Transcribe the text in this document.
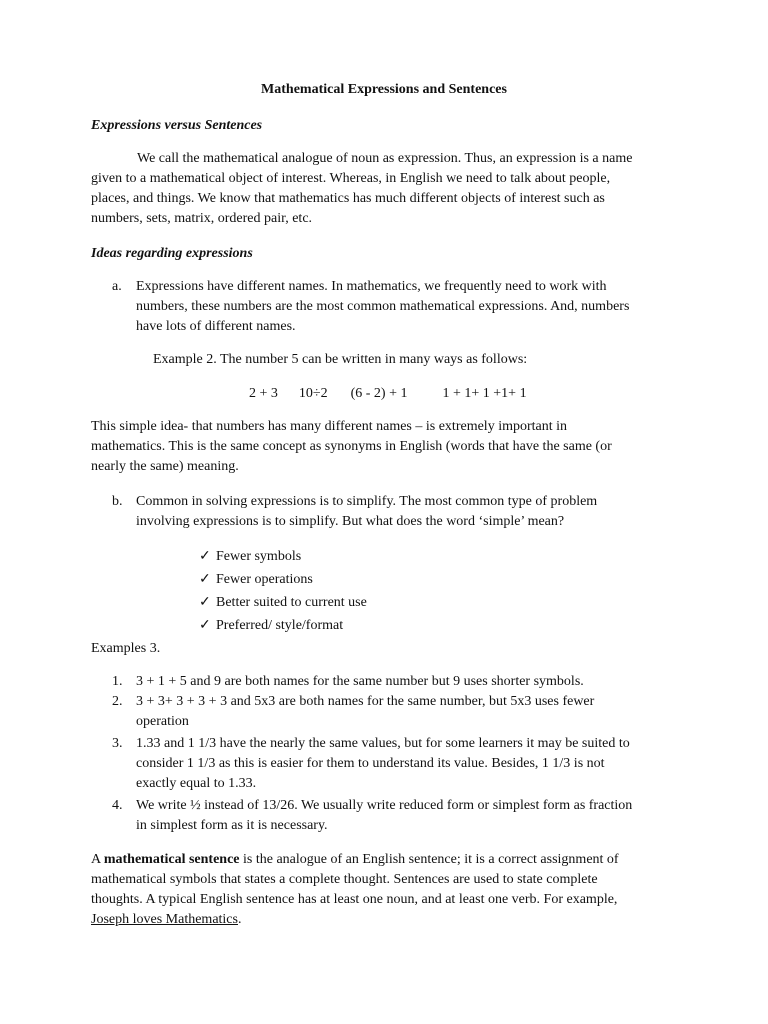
Mathematical Expressions and Sentences
Expressions versus Sentences
We call the mathematical analogue of noun as expression. Thus, an expression is a name
given to a mathematical object of interest. Whereas, in English we need to talk about people,
places, and things. We know that mathematics has much different objects of interest such as
numbers, sets, matrix, ordered pair, etc.
Ideas regarding expressions
a. Expressions have different names. In mathematics, we frequently need to work with
numbers, these numbers are the most common mathematical expressions. And, numbers
have lots of different names.
Example 2. The number 5 can be written in many ways as follows:
2 + 3 10÷2 (6 - 2) + 1	1 + 1+ 1 +1+ 1
This simple idea- that numbers has many different names – is extremely important in
mathematics. This is the same concept as synonyms in English (words that have the same (or
nearly the same) meaning.
b. Common in solving expressions is to simplify. The most common type of problem
involving expressions is to simplify. But what does the word ‘simple’ mean?
✓ Fewer symbols
✓ Fewer operations
✓ Better suited to current use
✓ Preferred/ style/format
Examples 3.
1. 3 + 1 + 5 and 9 are both names for the same number but 9 uses shorter symbols.
2. 3 + 3+ 3 + 3 + 3 and 5x3 are both names for the same number, but 5x3 uses fewer
operation
3. 1.33 and 1 1/3 have the nearly the same values, but for some learners it may be suited to
consider 1 1/3 as this is easier for them to understand its value. Besides, 1 1/3 is not
exactly equal to 1.33.
4. We write ½ instead of 13/26. We usually write reduced form or simplest form as fraction
in simplest form as it is necessary.
A mathematical sentence is the analogue of an English sentence; it is a correct assignment of
mathematical symbols that states a complete thought. Sentences are used to state complete
thoughts. A typical English sentence has at least one noun, and at least one verb. For example,
Joseph loves Mathematics.
